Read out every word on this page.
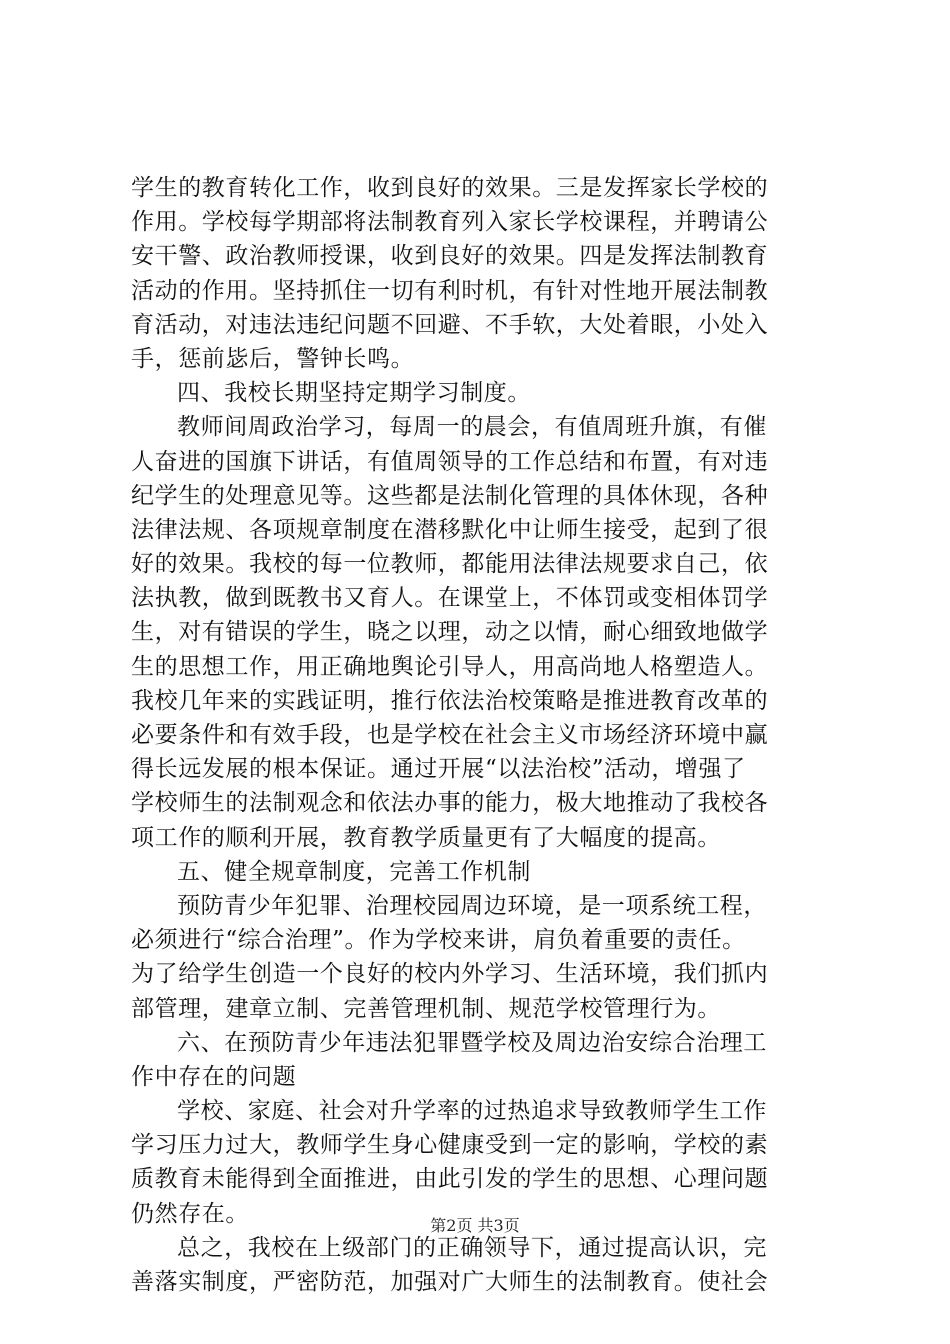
学生的教育转化工作，收到良好的效果。三是发挥家长学校的
作用。学校每学期部将法制教育列入家长学校课程，并聘请公
安干警、政治教师授课，收到良好的效果。四是发挥法制教育
活动的作用。坚持抓住一切有利时机，有针对性地开展法制教
育活动，对违法违纪问题不回避、不手软，大处着眼，小处入
手，惩前毖后，警钟长鸣。
四、我校长期坚持定期学习制度。
教师间周政治学习，每周一的晨会，有值周班升旗，有催
人奋进的国旗下讲话，有值周领导的工作总结和布置，有对违
纪学生的处理意见等。这些都是法制化管理的具体休现，各种
法律法规、各项规章制度在潜移默化中让师生接受，起到了很
好的效果。我校的每一位教师，都能用法律法规要求自己，依
法执教，做到既教书又育人。在课堂上，不体罚或变相体罚学
生，对有错误的学生，晓之以理，动之以情，耐心细致地做学
生的思想工作，用正确地舆论引导人，用高尚地人格塑造人。
我校几年来的实践证明，推行依法治校策略是推进教育改革的
必要条件和有效手段，也是学校在社会主义市场经济环境中赢
得长远发展的根本保证。通过开展“以法治校”活动，增强了
学校师生的法制观念和依法办事的能力，极大地推动了我校各
项工作的顺利开展，教育教学质量更有了大幅度的提高。
五、健全规章制度，完善工作机制
预防青少年犯罪、治理校园周边环境，是一项系统工程，
必须进行“综合治理”。作为学校来讲，肩负着重要的责任。
为了给学生创造一个良好的校内外学习、生活环境，我们抓内
部管理，建章立制、完善管理机制、规范学校管理行为。
六、在预防青少年违法犯罪暨学校及周边治安综合治理工
作中存在的问题
学校、家庭、社会对升学率的过热追求导致教师学生工作
学习压力过大，教师学生身心健康受到一定的影响，学校的素
质教育未能得到全面推进，由此引发的学生的思想、心理问题
仍然存在。
总之，我校在上级部门的正确领导下，通过提高认识，完
善落实制度，严密防范，加强对广大师生的法制教育。使社会
第2页 共3页
